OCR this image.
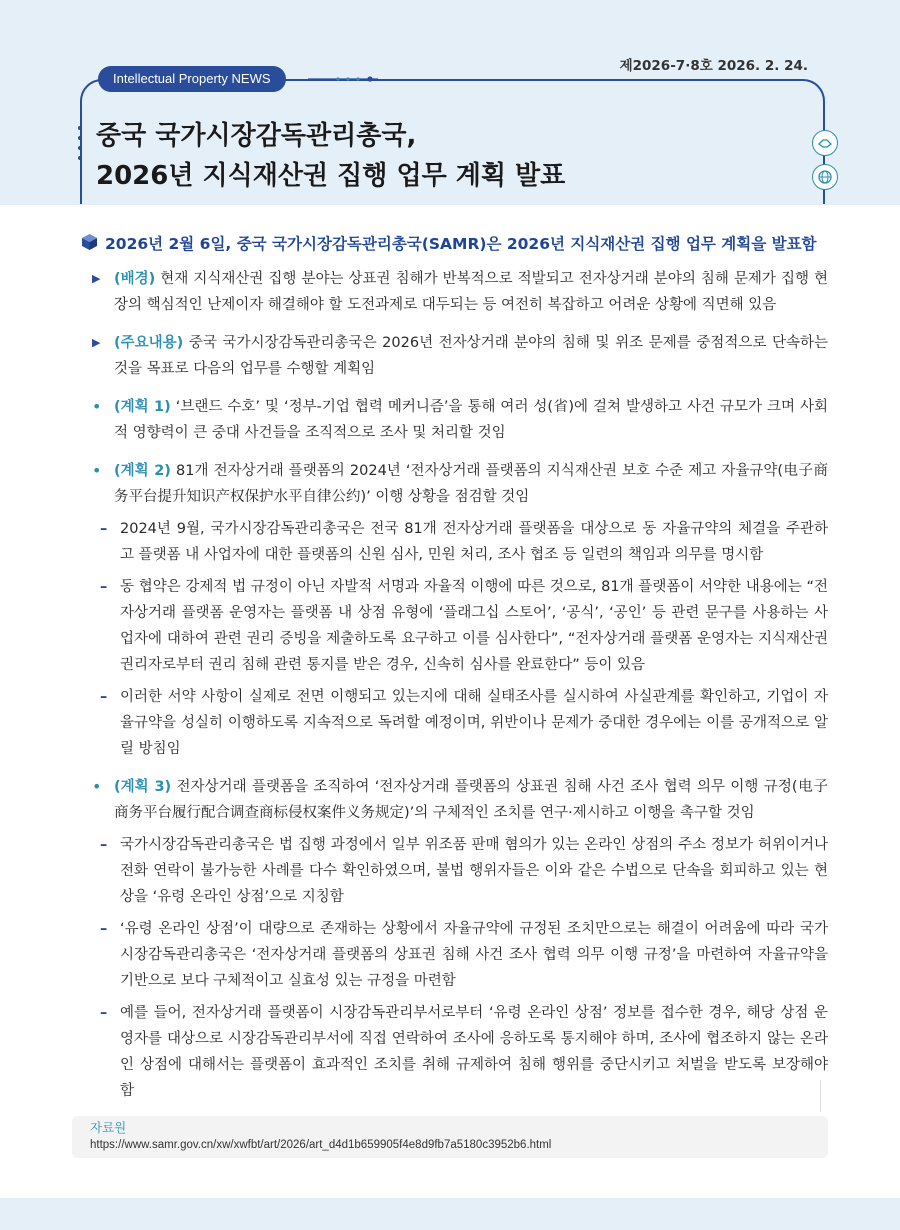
제2026-7·8호 2026. 2. 24.
Intellectual Property NEWS
중국 국가시장감독관리총국,
2026년 지식재산권 집행 업무 계획 발표
2026년 2월 6일, 중국 국가시장감독관리총국(SAMR)은 2026년 지식재산권 집행 업무 계획을 발표함
▶ (배경) 현재 지식재산권 집행 분야는 상표권 침해가 반복적으로 적발되고 전자상거래 분야의 침해 문제가 집행 현장의 핵심적인 난제이자 해결해야 할 도전과제로 대두되는 등 여전히 복잡하고 어려운 상황에 직면해 있음
▶ (주요내용) 중국 국가시장감독관리총국은 2026년 전자상거래 분야의 침해 및 위조 문제를 중점적으로 단속하는 것을 목표로 다음의 업무를 수행할 계획임
• (계획 1) ‘브랜드 수호’ 및 ‘정부-기업 협력 메커니즘’을 통해 여러 성(省)에 걸쳐 발생하고 사건 규모가 크며 사회적 영향력이 큰 중대 사건들을 조직적으로 조사 및 처리할 것임
• (계획 2) 81개 전자상거래 플랫폼의 2024년 ‘전자상거래 플랫폼의 지식재산권 보호 수준 제고 자율규약(电子商务平台提升知识产权保护水平自律公约)’ 이행 상황을 점검할 것임
– 2024년 9월, 국가시장감독관리총국은 전국 81개 전자상거래 플랫폼을 대상으로 동 자율규약의 체결을 주관하고 플랫폼 내 사업자에 대한 플랫폼의 신원 심사, 민원 처리, 조사 협조 등 일련의 책임과 의무를 명시함
– 동 협약은 강제적 법 규정이 아닌 자발적 서명과 자율적 이행에 따른 것으로, 81개 플랫폼이 서약한 내용에는 “전자상거래 플랫폼 운영자는 플랫폼 내 상점 유형에 ‘플래그십 스토어’, ‘공식’, ‘공인’ 등 관련 문구를 사용하는 사업자에 대하여 관련 권리 증빙을 제출하도록 요구하고 이를 심사한다”, “전자상거래 플랫폼 운영자는 지식재산권 권리자로부터 권리 침해 관련 통지를 받은 경우, 신속히 심사를 완료한다” 등이 있음
– 이러한 서약 사항이 실제로 전면 이행되고 있는지에 대해 실태조사를 실시하여 사실관계를 확인하고, 기업이 자율규약을 성실히 이행하도록 지속적으로 독려할 예정이며, 위반이나 문제가 중대한 경우에는 이를 공개적으로 알릴 방침임
• (계획 3) 전자상거래 플랫폼을 조직하여 ‘전자상거래 플랫폼의 상표권 침해 사건 조사 협력 의무 이행 규정(电子商务平台履行配合调查商标侵权案件义务规定)’의 구체적인 조치를 연구·제시하고 이행을 촉구할 것임
– 국가시장감독관리총국은 법 집행 과정에서 일부 위조품 판매 혐의가 있는 온라인 상점의 주소 정보가 허위이거나 전화 연락이 불가능한 사례를 다수 확인하였으며, 불법 행위자들은 이와 같은 수법으로 단속을 회피하고 있는 현상을 ‘유령 온라인 상점’으로 지칭함
– ‘유령 온라인 상점’이 대량으로 존재하는 상황에서 자율규약에 규정된 조치만으로는 해결이 어려움에 따라 국가시장감독관리총국은 ‘전자상거래 플랫폼의 상표권 침해 사건 조사 협력 의무 이행 규정’을 마련하여 자율규약을 기반으로 보다 구체적이고 실효성 있는 규정을 마련함
– 예를 들어, 전자상거래 플랫폼이 시장감독관리부서로부터 ‘유령 온라인 상점’ 정보를 접수한 경우, 해당 상점 운영자를 대상으로 시장감독관리부서에 직접 연락하여 조사에 응하도록 통지해야 하며, 조사에 협조하지 않는 온라인 상점에 대해서는 플랫폼이 효과적인 조치를 취해 규제하여 침해 행위를 중단시키고 처벌을 받도록 보장해야 함
자료원
https://www.samr.gov.cn/xw/xwfbt/art/2026/art_d4d1b659905f4e8d9fb7a5180c3952b6.html
